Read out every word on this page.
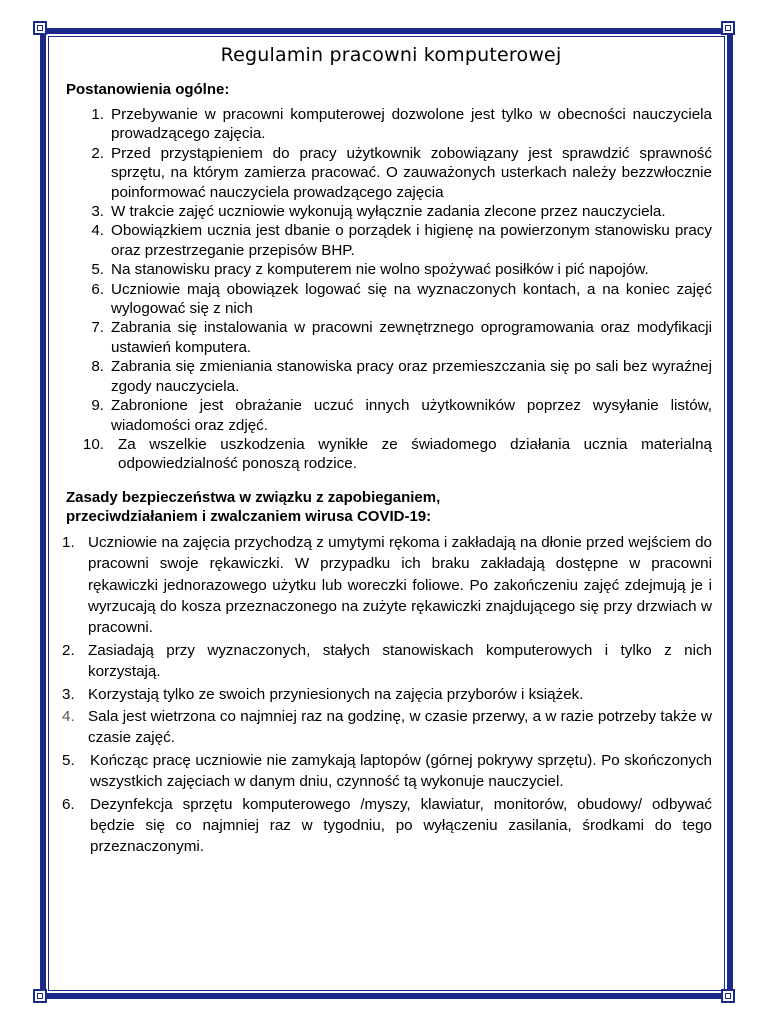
Regulamin pracowni komputerowej
Postanowienia ogólne:
1. Przebywanie w pracowni komputerowej dozwolone jest tylko w obecności nauczyciela prowadzącego zajęcia.
2. Przed przystąpieniem do pracy użytkownik zobowiązany jest sprawdzić sprawność sprzętu, na którym zamierza pracować. O zauważonych usterkach należy bezzwłocznie poinformować nauczyciela prowadzącego zajęcia
3. W trakcie zajęć uczniowie wykonują wyłącznie zadania zlecone przez nauczyciela.
4. Obowiązkiem ucznia jest dbanie o porządek i higienę na powierzonym stanowisku pracy oraz przestrzeganie przepisów BHP.
5. Na stanowisku pracy z komputerem nie wolno spożywać posiłków i pić napojów.
6. Uczniowie mają obowiązek logować się na wyznaczonych kontach, a na koniec zajęć wylogować się z nich
7. Zabrania się instalowania w pracowni zewnętrznego oprogramowania oraz modyfikacji ustawień komputera.
8. Zabrania się zmieniania stanowiska pracy oraz przemieszczania się po sali bez wyraźnej zgody nauczyciela.
9. Zabronione jest obrażanie uczuć innych użytkowników poprzez wysyłanie listów, wiadomości oraz zdjęć.
10. Za wszelkie uszkodzenia wynikłe ze świadomego działania ucznia materialną odpowiedzialność ponoszą rodzice.
Zasady bezpieczeństwa w związku z zapobieganiem,
przeciwdziałaniem i zwalczaniem wirusa COVID-19:
1. Uczniowie na zajęcia przychodzą z umytymi rękoma i zakładają na dłonie przed wejściem do pracowni swoje rękawiczki. W przypadku ich braku zakładają dostępne w pracowni rękawiczki jednorazowego użytku lub woreczki foliowe. Po zakończeniu zajęć zdejmują je i wyrzucają do kosza przeznaczonego na zużyte rękawiczki znajdującego się przy drzwiach w pracowni.
2. Zasiadają przy wyznaczonych, stałych stanowiskach komputerowych i tylko z nich korzystają.
3. Korzystają tylko ze swoich przyniesionych na zajęcia przyborów i książek.
4. Sala jest wietrzona co najmniej raz na godzinę, w czasie przerwy, a w razie potrzeby także w czasie zajęć.
5. Kończąc pracę uczniowie nie zamykają laptopów (górnej pokrywy sprzętu). Po skończonych wszystkich zajęciach w danym dniu, czynność tą wykonuje nauczyciel.
6. Dezynfekcja sprzętu komputerowego /myszy, klawiatur, monitorów, obudowy/ odbywać będzie się co najmniej raz w tygodniu, po wyłączeniu zasilania, środkami do tego przeznaczonymi.
